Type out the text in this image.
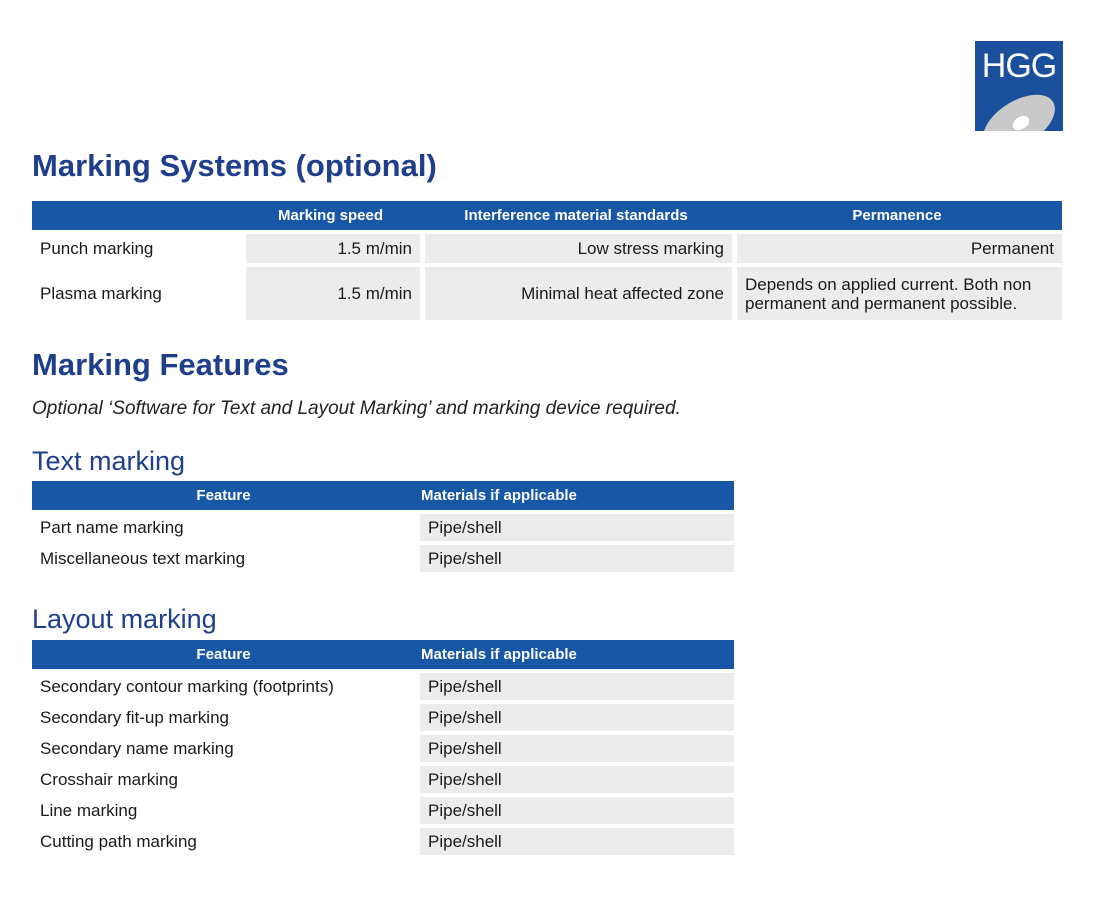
HGG
Marking Systems (optional)
	Marking speed	Interference material standards	Permanence
Punch marking	1.5 m/min	Low stress marking	Permanent
Plasma marking	1.5 m/min	Minimal heat affected zone	Depends on applied current. Both non permanent and permanent possible.
Marking Features
Optional ‘Software for Text and Layout Marking’ and marking device required.
Text marking
Feature	Materials if applicable
Part name marking	Pipe/shell
Miscellaneous text marking	Pipe/shell
Layout marking
Feature	Materials if applicable
Secondary contour marking (footprints)	Pipe/shell
Secondary fit-up marking	Pipe/shell
Secondary name marking	Pipe/shell
Crosshair marking	Pipe/shell
Line marking	Pipe/shell
Cutting path marking	Pipe/shell
